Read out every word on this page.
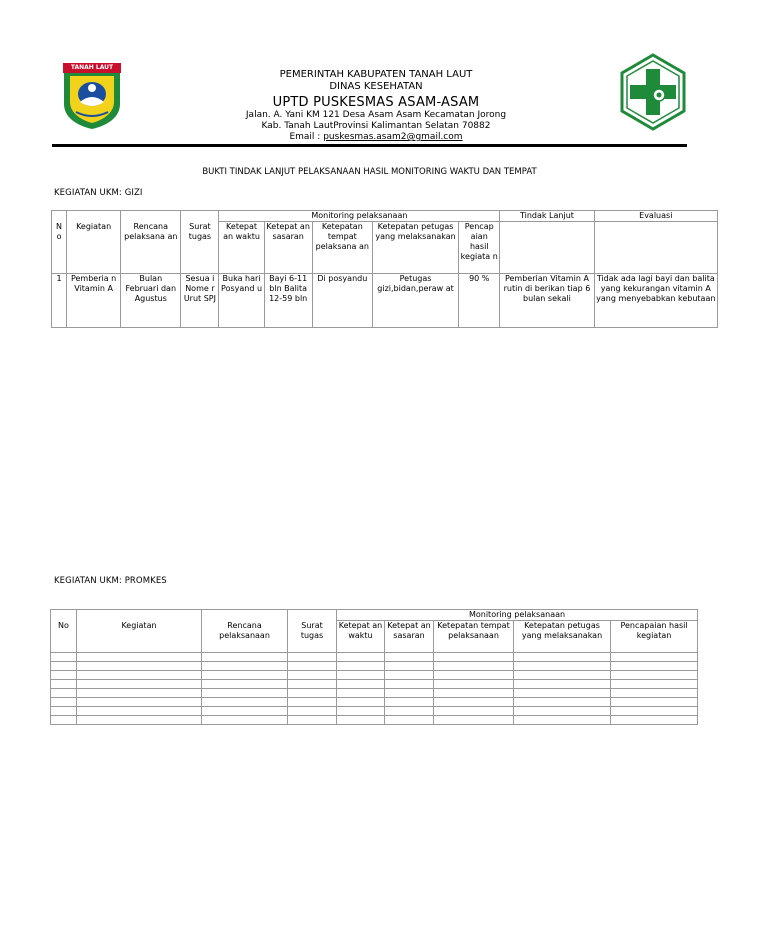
TANAH LAUT
PEMERINTAH KABUPATEN TANAH LAUT
DINAS KESEHATAN
UPTD PUSKESMAS ASAM-ASAM
Jalan. A. Yani KM 121 Desa Asam Asam Kecamatan Jorong
Kab. Tanah LautProvinsi Kalimantan Selatan 70882
Email : puskesmas.asam2@gmail.com
BUKTI TINDAK LANJUT PELAKSANAAN HASIL MONITORING WAKTU DAN TEMPAT
KEGIATAN UKM: GIZI
				Monitoring pelaksanaan					Tindak Lanjut	Evaluasi
N o	Kegiatan	Rencana pelaksana an	Surat tugas	Ketepat an waktu	Ketepat an sasaran	Ketepatan tempat pelaksana an	Ketepatan petugas yang melaksanakan	Pencap aian hasil kegiata n		
1	Pemberia n Vitamin A	Bulan Februari dan Agustus	Sesua i Nome r Urut SPJ	Buka hari Posyand u	Bayi 6-11 bln Balita 12-59 bln	Di posyandu	Petugas gizi,bidan,peraw at	90 %	Pemberian Vitamin A rutin di berikan tiap 6 bulan sekali	Tidak ada lagi bayi dan balita yang kekurangan vitamin A yang menyebabkan kebutaan
KEGIATAN UKM: PROMKES
				Monitoring pelaksanaan				
No	Kegiatan	Rencana pelaksanaan	Surat tugas	Ketepat an waktu	Ketepat an sasaran	Ketepatan tempat pelaksanaan	Ketepatan petugas yang melaksanakan	Pencapaian hasil kegiatan
